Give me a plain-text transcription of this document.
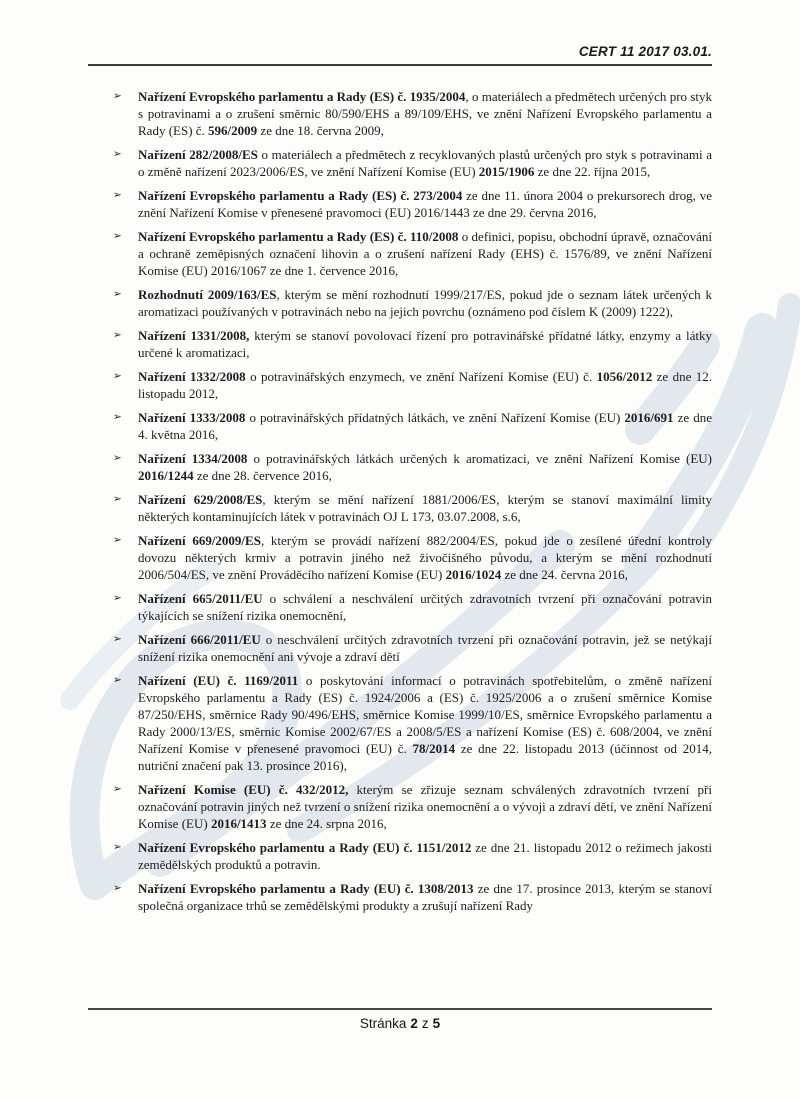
CERT 11 2017 03.01.
➢	Nařízení Evropského parlamentu a Rady (ES) č. 1935/2004, o materiálech a předmětech určených pro styk s potravinami a o zrušení směrnic 80/590/EHS a 89/109/EHS, ve znění Nařízení Evropského parlamentu a Rady (ES) č. 596/2009 ze dne 18. června 2009,

➢	Nařízení 282/2008/ES o materiálech a předmětech z recyklovaných plastů určených pro styk s potravinami a o změně nařízení 2023/2006/ES, ve znění Nařízení Komise (EU) 2015/1906 ze dne 22. října 2015,

➢	Nařízení Evropského parlamentu a Rady (ES) č. 273/2004 ze dne 11. února 2004 o prekursorech drog, ve znění Nařízení Komise v přenesené pravomoci (EU) 2016/1443 ze dne 29. června 2016,

➢	Nařízení Evropského parlamentu a Rady (ES) č. 110/2008 o definici, popisu, obchodní úpravě, označování a ochraně zeměpisných označení lihovin a o zrušení nařízení Rady (EHS) č. 1576/89, ve znění Nařízení Komise (EU) 2016/1067 ze dne 1. července 2016,

➢	Rozhodnutí 2009/163/ES, kterým se mění rozhodnutí 1999/217/ES, pokud jde o seznam látek určených k aromatizaci používaných v potravinách nebo na jejich povrchu (oznámeno pod číslem K (2009) 1222),

➢	Nařízení 1331/2008, kterým se stanoví povolovací řízení pro potravinářské přídatné látky, enzymy a látky určené k aromatizaci,

➢	Nařízení 1332/2008 o potravinářských enzymech, ve znění Nařízení Komise (EU) č. 1056/2012 ze dne 12. listopadu 2012,

➢	Nařízení 1333/2008 o potravinářských přídatných látkách, ve znění Nařízení Komise (EU) 2016/691 ze dne 4. května 2016,

➢	Nařízení 1334/2008 o potravinářských látkách určených k aromatizaci, ve znění Nařízení Komise (EU) 2016/1244 ze dne 28. července 2016,

➢	Nařízení 629/2008/ES, kterým se mění nařízení 1881/2006/ES, kterým se stanoví maximální limity některých kontaminujících látek v potravinách OJ L 173, 03.07.2008, s.6,

➢	Nařízení 669/2009/ES, kterým se provádí nařízení 882/2004/ES, pokud jde o zesílené úřední kontroly dovozu některých krmiv a potravin jiného než živočišného původu, a kterým se mění rozhodnutí 2006/504/ES, ve znění Prováděcího nařízení Komise (EU) 2016/1024 ze dne 24. června 2016,

➢	Nařízení 665/2011/EU o schválení a neschválení určitých zdravotních tvrzení při označování potravin týkajících se snížení rizika onemocnění,

➢	Nařízení 666/2011/EU o neschválení určitých zdravotních tvrzení při označování potravin, jež se netýkají snížení rizika onemocnění ani vývoje a zdraví dětí

➢	Nařízení (EU) č. 1169/2011 o poskytování informací o potravinách spotřebitelům, o změně nařízení Evropského parlamentu a Rady (ES) č. 1924/2006 a (ES) č. 1925/2006 a o zrušení směrnice Komise 87/250/EHS, směrnice Rady 90/496/EHS, směrnice Komise 1999/10/ES, směrnice Evropského parlamentu a Rady 2000/13/ES, směrnic Komise 2002/67/ES a 2008/5/ES a nařízení Komise (ES) č. 608/2004, ve znění Nařízení Komise v přenesené pravomoci (EU) č. 78/2014 ze dne 22. listopadu 2013 (účinnost od 2014, nutriční značení pak 13. prosince 2016),

➢	Nařízení Komise (EU) č. 432/2012, kterým se zřizuje seznam schválených zdravotních tvrzení při označování potravin jiných než tvrzení o snížení rizika onemocnění a o vývoji a zdraví dětí, ve znění Nařízení Komise (EU) 2016/1413 ze dne 24. srpna 2016,

➢	Nařízení Evropského parlamentu a Rady (EU) č. 1151/2012 ze dne 21. listopadu 2012 o režimech jakosti zemědělských produktů a potravin.

➢	Nařízení Evropského parlamentu a Rady (EU) č. 1308/2013 ze dne 17. prosince 2013, kterým se stanoví společná organizace trhů se zemědělskými produkty a zrušují nařízení Rady

Stránka 2 z 5
